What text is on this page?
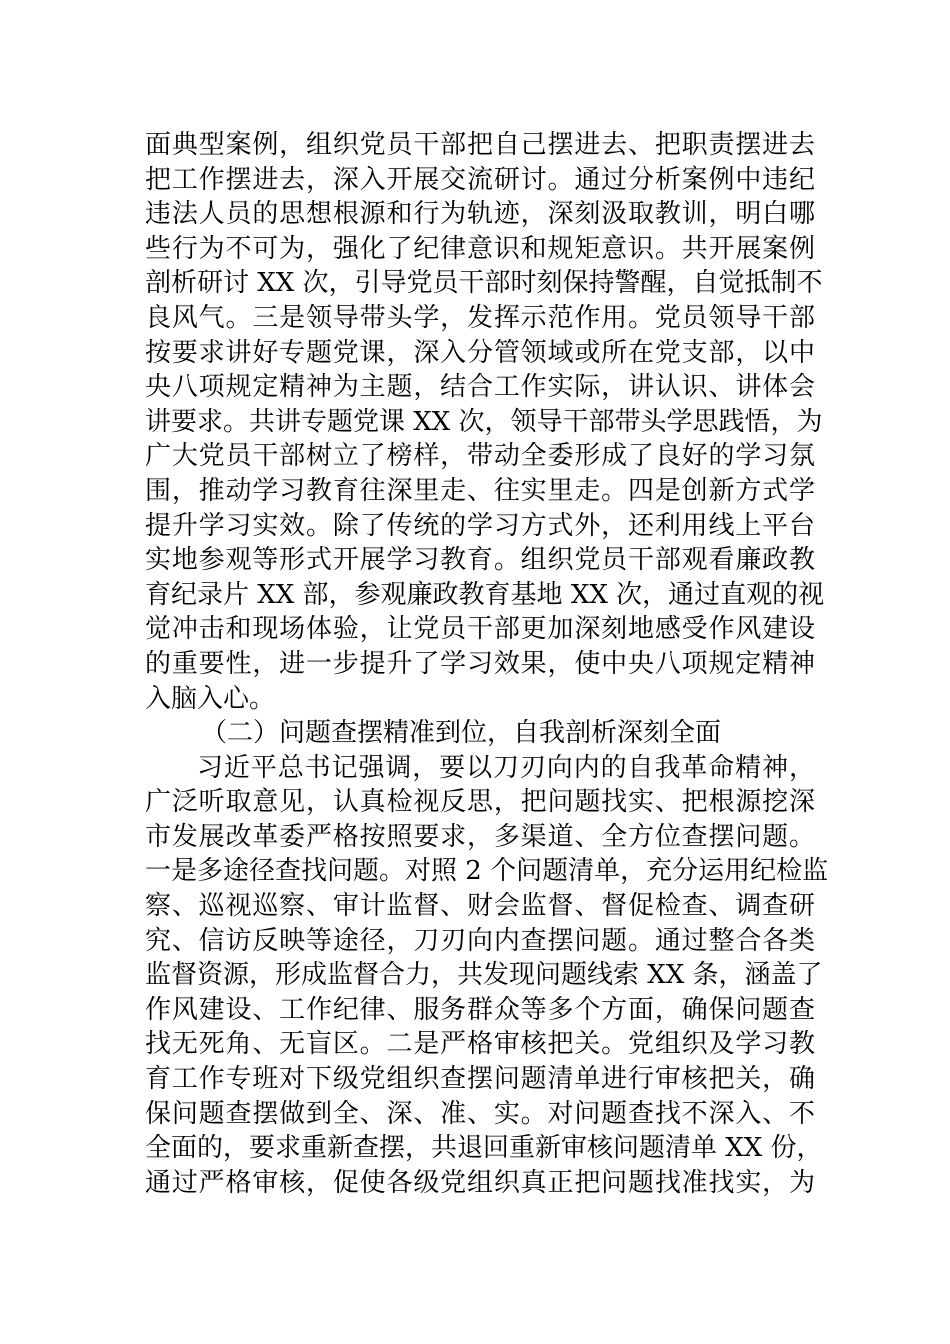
面典型案例，组织党员干部把自己摆进去、把职责摆进去
把工作摆进去，深入开展交流研讨。通过分析案例中违纪
违法人员的思想根源和行为轨迹，深刻汲取教训，明白哪
些行为不可为，强化了纪律意识和规矩意识。共开展案例
剖析研讨 XX 次，引导党员干部时刻保持警醒，自觉抵制不
良风气。三是领导带头学，发挥示范作用。党员领导干部
按要求讲好专题党课，深入分管领域或所在党支部，以中
央八项规定精神为主题，结合工作实际，讲认识、讲体会
讲要求。共讲专题党课 XX 次，领导干部带头学思践悟，为
广大党员干部树立了榜样，带动全委形成了良好的学习氛
围，推动学习教育往深里走、往实里走。四是创新方式学
提升学习实效。除了传统的学习方式外，还利用线上平台
实地参观等形式开展学习教育。组织党员干部观看廉政教
育纪录片 XX 部，参观廉政教育基地 XX 次，通过直观的视
觉冲击和现场体验，让党员干部更加深刻地感受作风建设
的重要性，进一步提升了学习效果，使中央八项规定精神
入脑入心。
（二）问题查摆精准到位，自我剖析深刻全面
习近平总书记强调，要以刀刃向内的自我革命精神，
广泛听取意见，认真检视反思，把问题找实、把根源挖深
市发展改革委严格按照要求，多渠道、全方位查摆问题。
一是多途径查找问题。对照 2 个问题清单，充分运用纪检监
察、巡视巡察、审计监督、财会监督、督促检查、调查研
究、信访反映等途径，刀刃向内查摆问题。通过整合各类
监督资源，形成监督合力，共发现问题线索 XX 条，涵盖了
作风建设、工作纪律、服务群众等多个方面，确保问题查
找无死角、无盲区。二是严格审核把关。党组织及学习教
育工作专班对下级党组织查摆问题清单进行审核把关，确
保问题查摆做到全、深、准、实。对问题查找不深入、不
全面的，要求重新查摆，共退回重新审核问题清单 XX 份，
通过严格审核，促使各级党组织真正把问题找准找实，为
